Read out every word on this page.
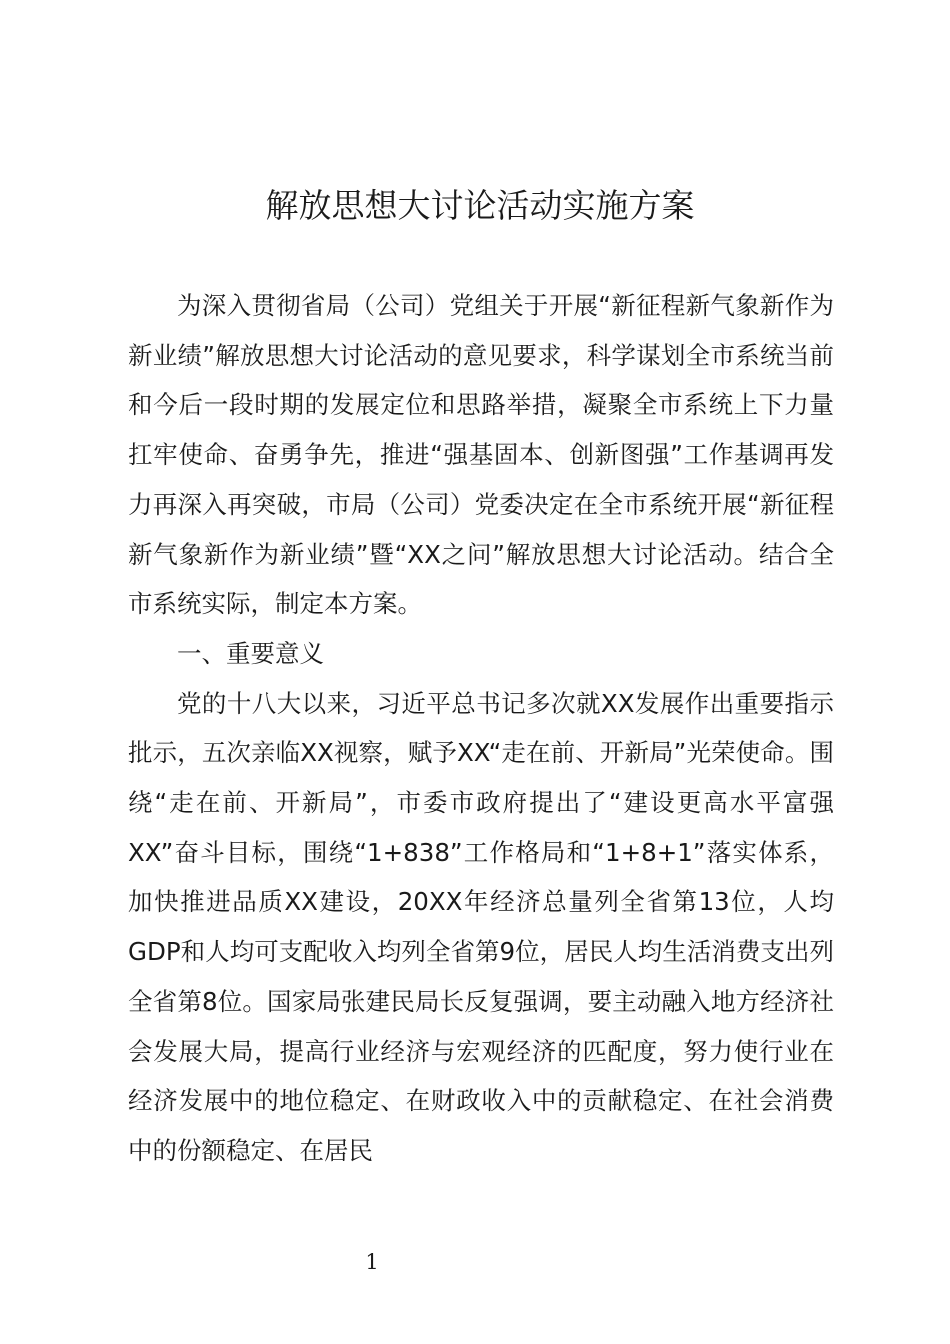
解放思想大讨论活动实施方案

为深入贯彻省局（公司）党组关于开展“新征程新气象新作为新业绩”解放思想大讨论活动的意见要求，科学谋划全市系统当前和今后一段时期的发展定位和思路举措，凝聚全市系统上下力量扛牢使命、奋勇争先，推进“强基固本、创新图强”工作基调再发力再深入再突破，市局（公司）党委决定在全市系统开展“新征程新气象新作为新业绩”暨“XX之问”解放思想大讨论活动。结合全市系统实际，制定本方案。

一、重要意义

党的十八大以来，习近平总书记多次就XX发展作出重要指示批示，五次亲临XX视察，赋予XX“走在前、开新局”光荣使命。围绕“走在前、开新局”，市委市政府提出了“建设更高水平富强XX”奋斗目标，围绕“1+838”工作格局和“1+8+1”落实体系，加快推进品质XX建设，20XX年经济总量列全省第13位，人均GDP和人均可支配收入均列全省第9位，居民人均生活消费支出列全省第8位。国家局张建民局长反复强调，要主动融入地方经济社会发展大局，提高行业经济与宏观经济的匹配度，努力使行业在经济发展中的地位稳定、在财政收入中的贡献稳定、在社会消费中的份额稳定、在居民

1
